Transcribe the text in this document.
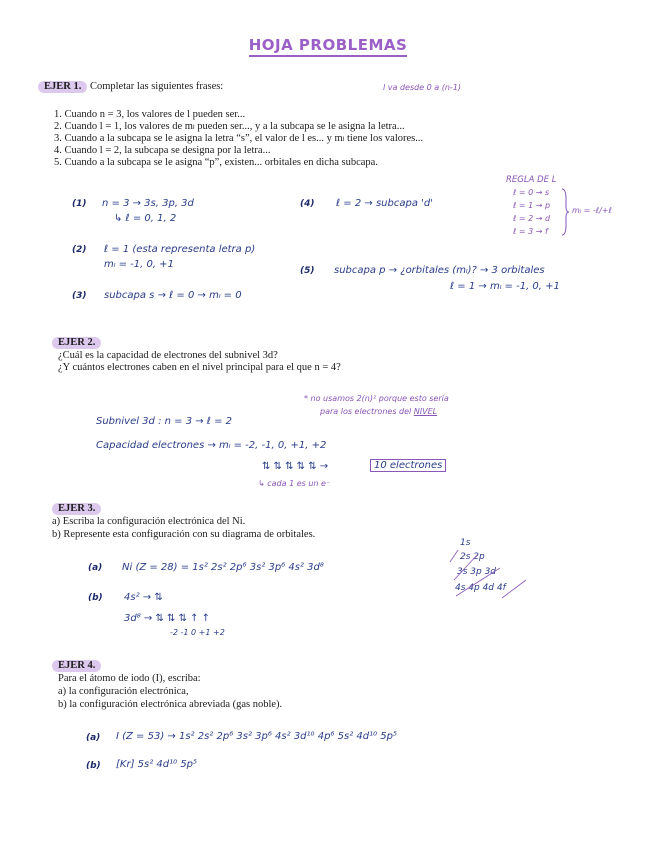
HOJA PROBLEMAS
EJER 1. Completar las siguientes frases:	l va desde 0 a (n-1)
1. Cuando n = 3, los valores de l pueden ser...
2. Cuando l = 1, los valores de mₗ pueden ser..., y a la subcapa se le asigna la letra...
3. Cuando a la subcapa se le asigna la letra “s”, el valor de l es... y mₗ tiene los valores...
4. Cuando l = 2, la subcapa se designa por la letra...
5. Cuando a la subcapa se le asigna “p”, existen... orbitales en dicha subcapa.
REGLA DE L
ℓ = 0 → s
ℓ = 1 → p
ℓ = 2 → d
ℓ = 3 → f
mₗ = -ℓ/+ℓ
(1) n = 3 → 3s, 3p, 3d
↳ ℓ = 0, 1, 2
(4) ℓ = 2 → subcapa 'd'
(2) ℓ = 1 (esta representa letra p)
mₗ = -1, 0, +1
(5) subcapa p → ¿orbitales (mₗ)? → 3 orbitales
ℓ = 1 → mₗ = -1, 0, +1
(3) subcapa s → ℓ = 0 → mₗ = 0
EJER 2.
¿Cuál es la capacidad de electrones del subnivel 3d?
¿Y cuántos electrones caben en el nivel principal para el que n = 4?
* no usamos 2(n)² porque esto sería
para los electrones del NIVEL
Subnivel 3d : n = 3 → ℓ = 2
Capacidad electrones → mₗ = -2, -1, 0, +1, +2
⇅ ⇅ ⇅ ⇅ ⇅ →	10 electrones
↳ cada 1 es un e⁻
EJER 3.
a) Escriba la configuración electrónica del Ni.
b) Represente esta configuración con su diagrama de orbitales.
(a) Ni (Z = 28) = 1s² 2s² 2p⁶ 3s² 3p⁶ 4s² 3d⁸
(b) 4s² → ⇅
3d⁸ → ⇅ ⇅ ⇅ ↑ ↑
-2 -1 0 +1 +2
1s
2s 2p
3s 3p 3d
4s 4p 4d 4f
EJER 4.
Para el átomo de iodo (I), escriba:
a) la configuración electrónica,
b) la configuración electrónica abreviada (gas noble).
(a) I (Z = 53) → 1s² 2s² 2p⁶ 3s² 3p⁶ 4s² 3d¹⁰ 4p⁶ 5s² 4d¹⁰ 5p⁵
(b) [Kr] 5s² 4d¹⁰ 5p⁵
